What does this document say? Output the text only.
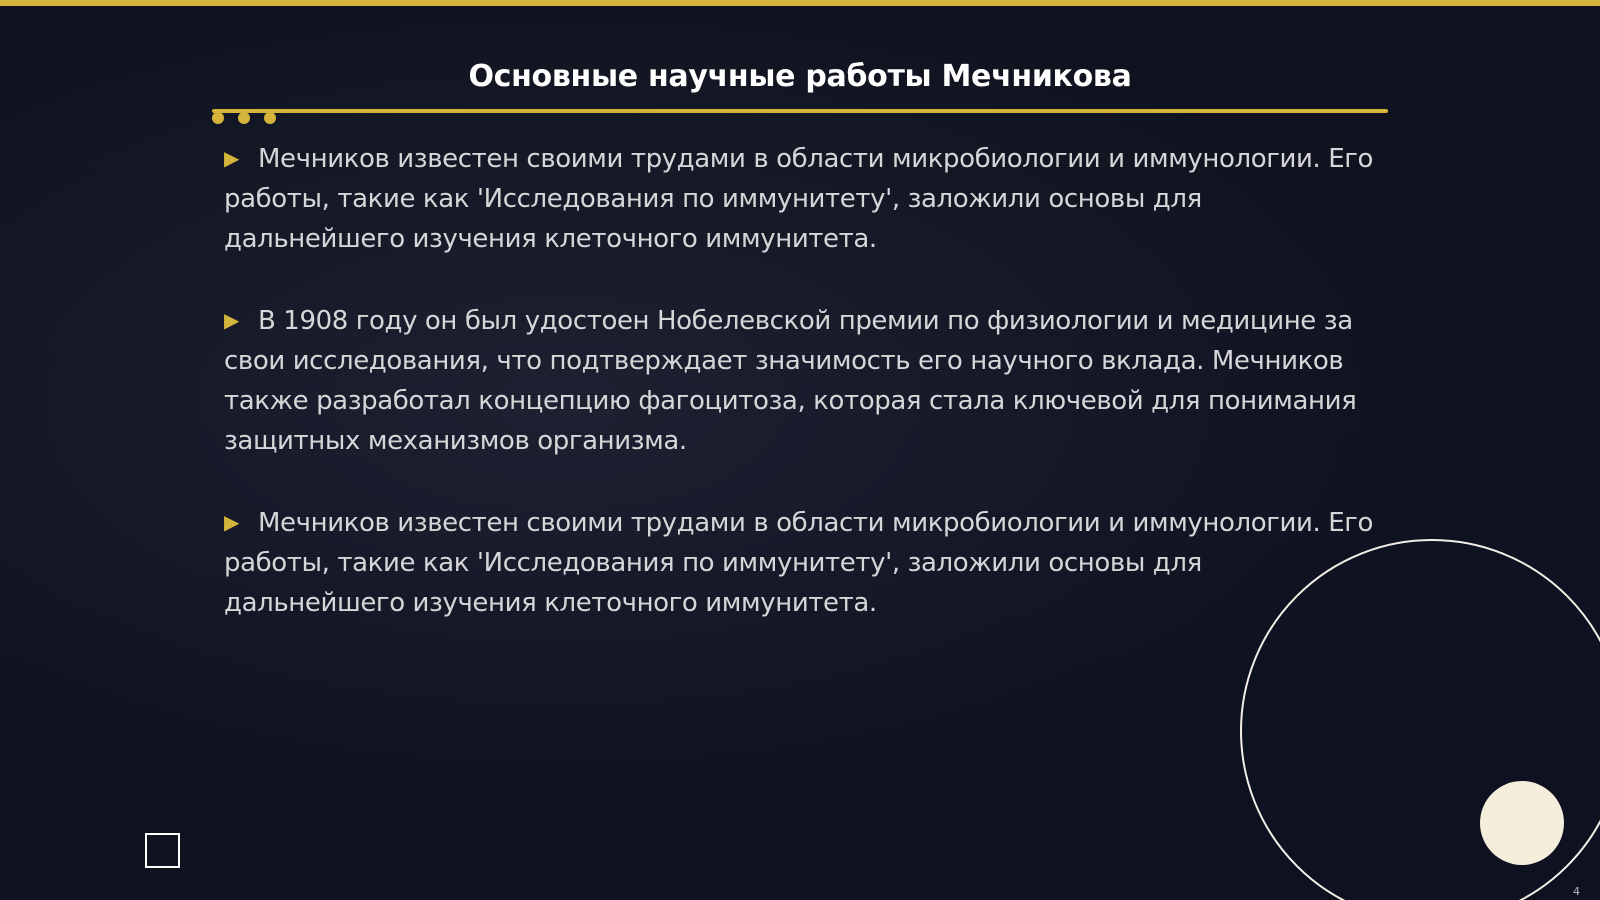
Основные научные работы Мечникова

▶ Мечников известен своими трудами в области микробиологии и иммунологии. Его работы, такие как 'Исследования по иммунитету', заложили основы для дальнейшего изучения клеточного иммунитета.

▶ В 1908 году он был удостоен Нобелевской премии по физиологии и медицине за свои исследования, что подтверждает значимость его научного вклада. Мечников также разработал концепцию фагоцитоза, которая стала ключевой для понимания защитных механизмов организма.

▶ Мечников известен своими трудами в области микробиологии и иммунологии. Его работы, такие как 'Исследования по иммунитету', заложили основы для дальнейшего изучения клеточного иммунитета.

4
